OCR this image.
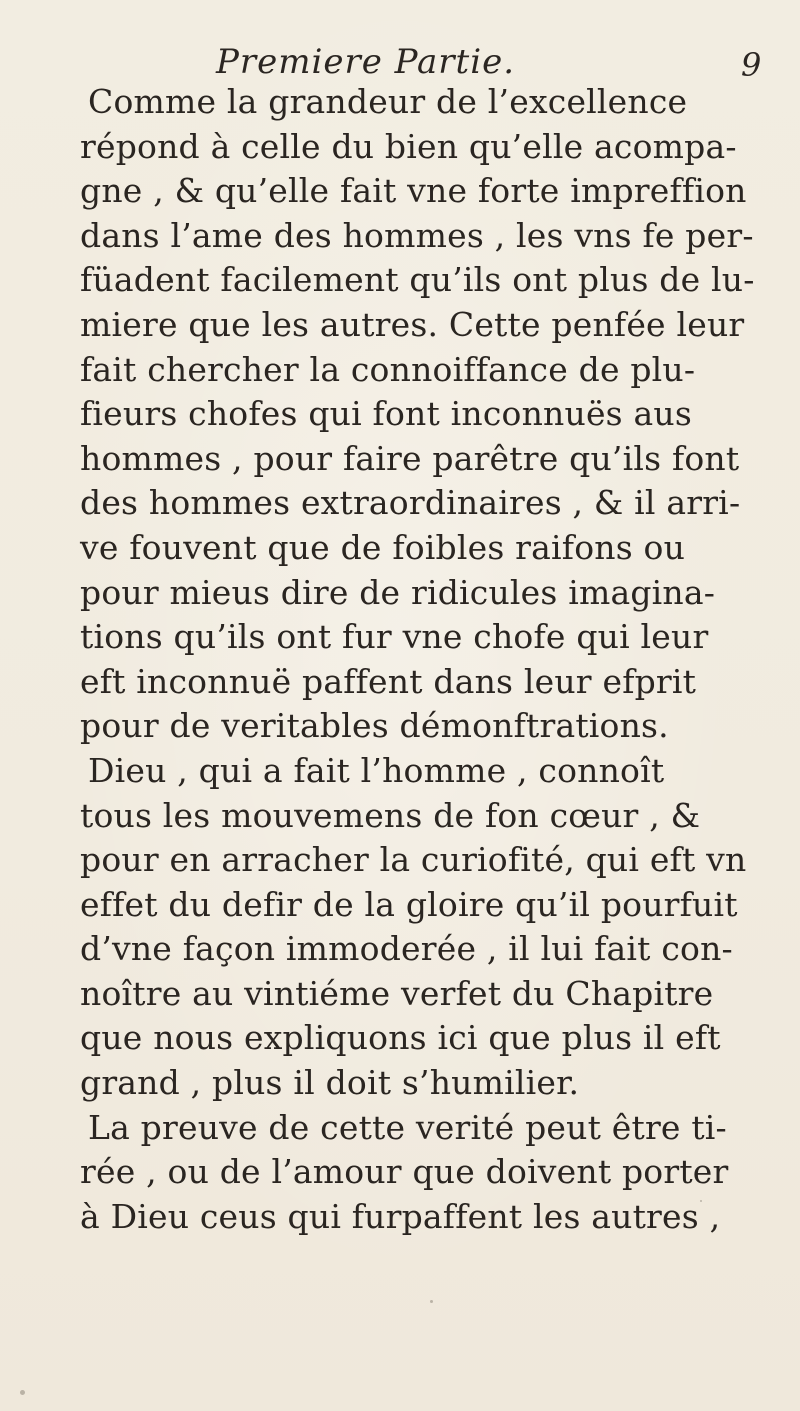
Premiere Partie.	9
Comme la grandeur de l’excellence
répond à celle du bien qu’elle acompa-
gne , & qu’elle fait vne forte impreffion
dans l’ame des hommes , les vns fe per-
füadent facilement qu’ils ont plus de lu-
miere que les autres. Cette penfée leur
fait chercher la connoiffance de plu-
fieurs chofes qui font inconnuës aus
hommes , pour faire parêtre qu’ils font
des hommes extraordinaires , & il arri-
ve fouvent que de foibles raifons ou
pour mieus dire de ridicules imagina-
tions qu’ils ont fur vne chofe qui leur
eft inconnuë paffent dans leur efprit
pour de veritables démonftrations.
Dieu , qui a fait l’homme , connoît
tous les mouvemens de fon cœur , &
pour en arracher la curiofité, qui eft vn
effet du defir de la gloire qu’il pourfuit
d’vne façon immoderée , il lui fait con-
noître au vintiéme verfet du Chapitre
que nous expliquons ici que plus il eft
grand , plus il doit s’humilier.
La preuve de cette verité peut être ti-
rée , ou de l’amour que doivent porter
à Dieu ceus qui furpaffent les autres ,
